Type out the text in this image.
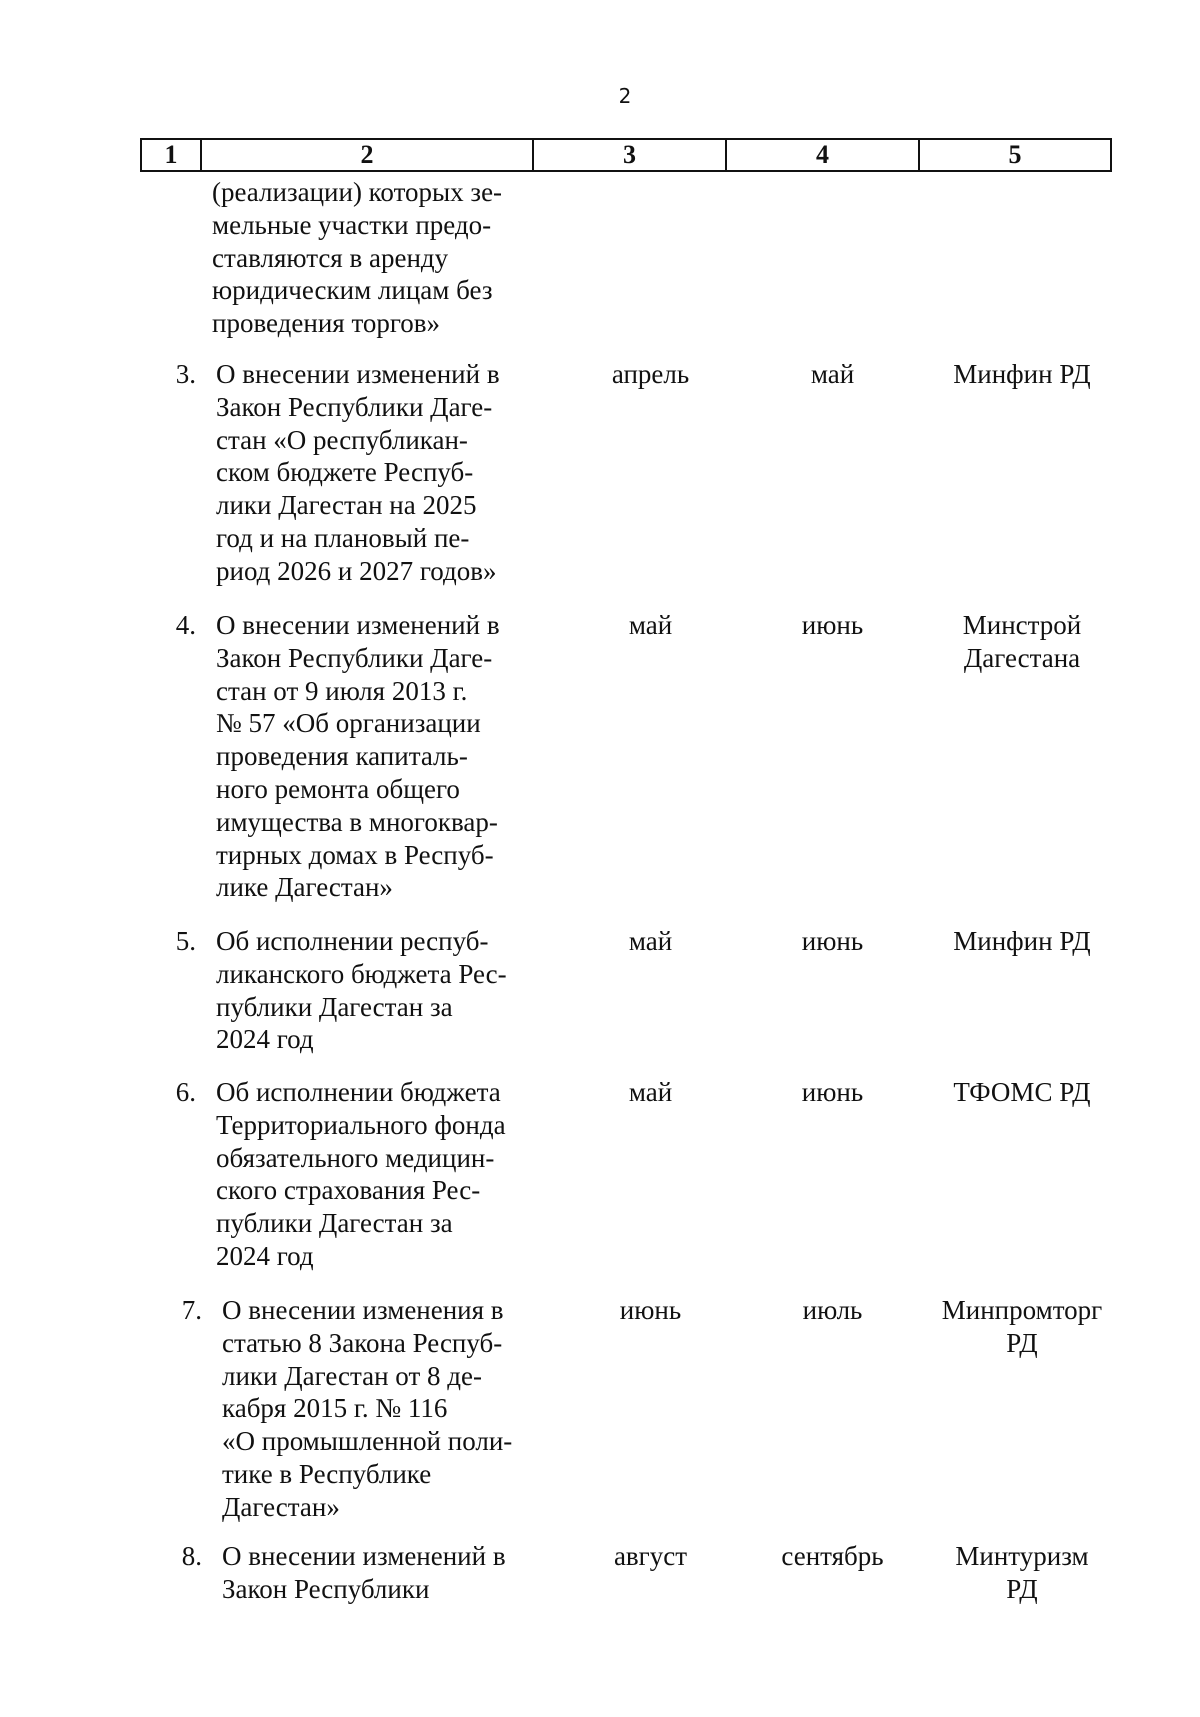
2
1	2	3	4	5
(реализации) которых зе-
мельные участки предо-
ставляются в аренду
юридическим лицам без
проведения торгов»
3. О внесении изменений в
Закон Республики Даге-
стан «О республикан-
ском бюджете Респуб-
лики Дагестан на 2025
год и на плановый пе-
риод 2026 и 2027 годов»
апрель	май	Минфин РД
4. О внесении изменений в
Закон Республики Даге-
стан от 9 июля 2013 г.
№ 57 «Об организации
проведения капиталь-
ного ремонта общего
имущества в многоквар-
тирных домах в Респуб-
лике Дагестан»
май	июнь	Минстрой
Дагестана
5. Об исполнении респуб-
ликанского бюджета Рес-
публики Дагестан за
2024 год
май	июнь	Минфин РД
6. Об исполнении бюджета
Территориального фонда
обязательного медицин-
ского страхования Рес-
публики Дагестан за
2024 год
май	июнь	ТФОМС РД
7. О внесении изменения в
статью 8 Закона Респуб-
лики Дагестан от 8 де-
кабря 2015 г. № 116
«О промышленной поли-
тике в Республике
Дагестан»
июнь	июль	Минпромторг
РД
8. О внесении изменений в
Закон Республики
август	сентябрь	Минтуризм
РД
